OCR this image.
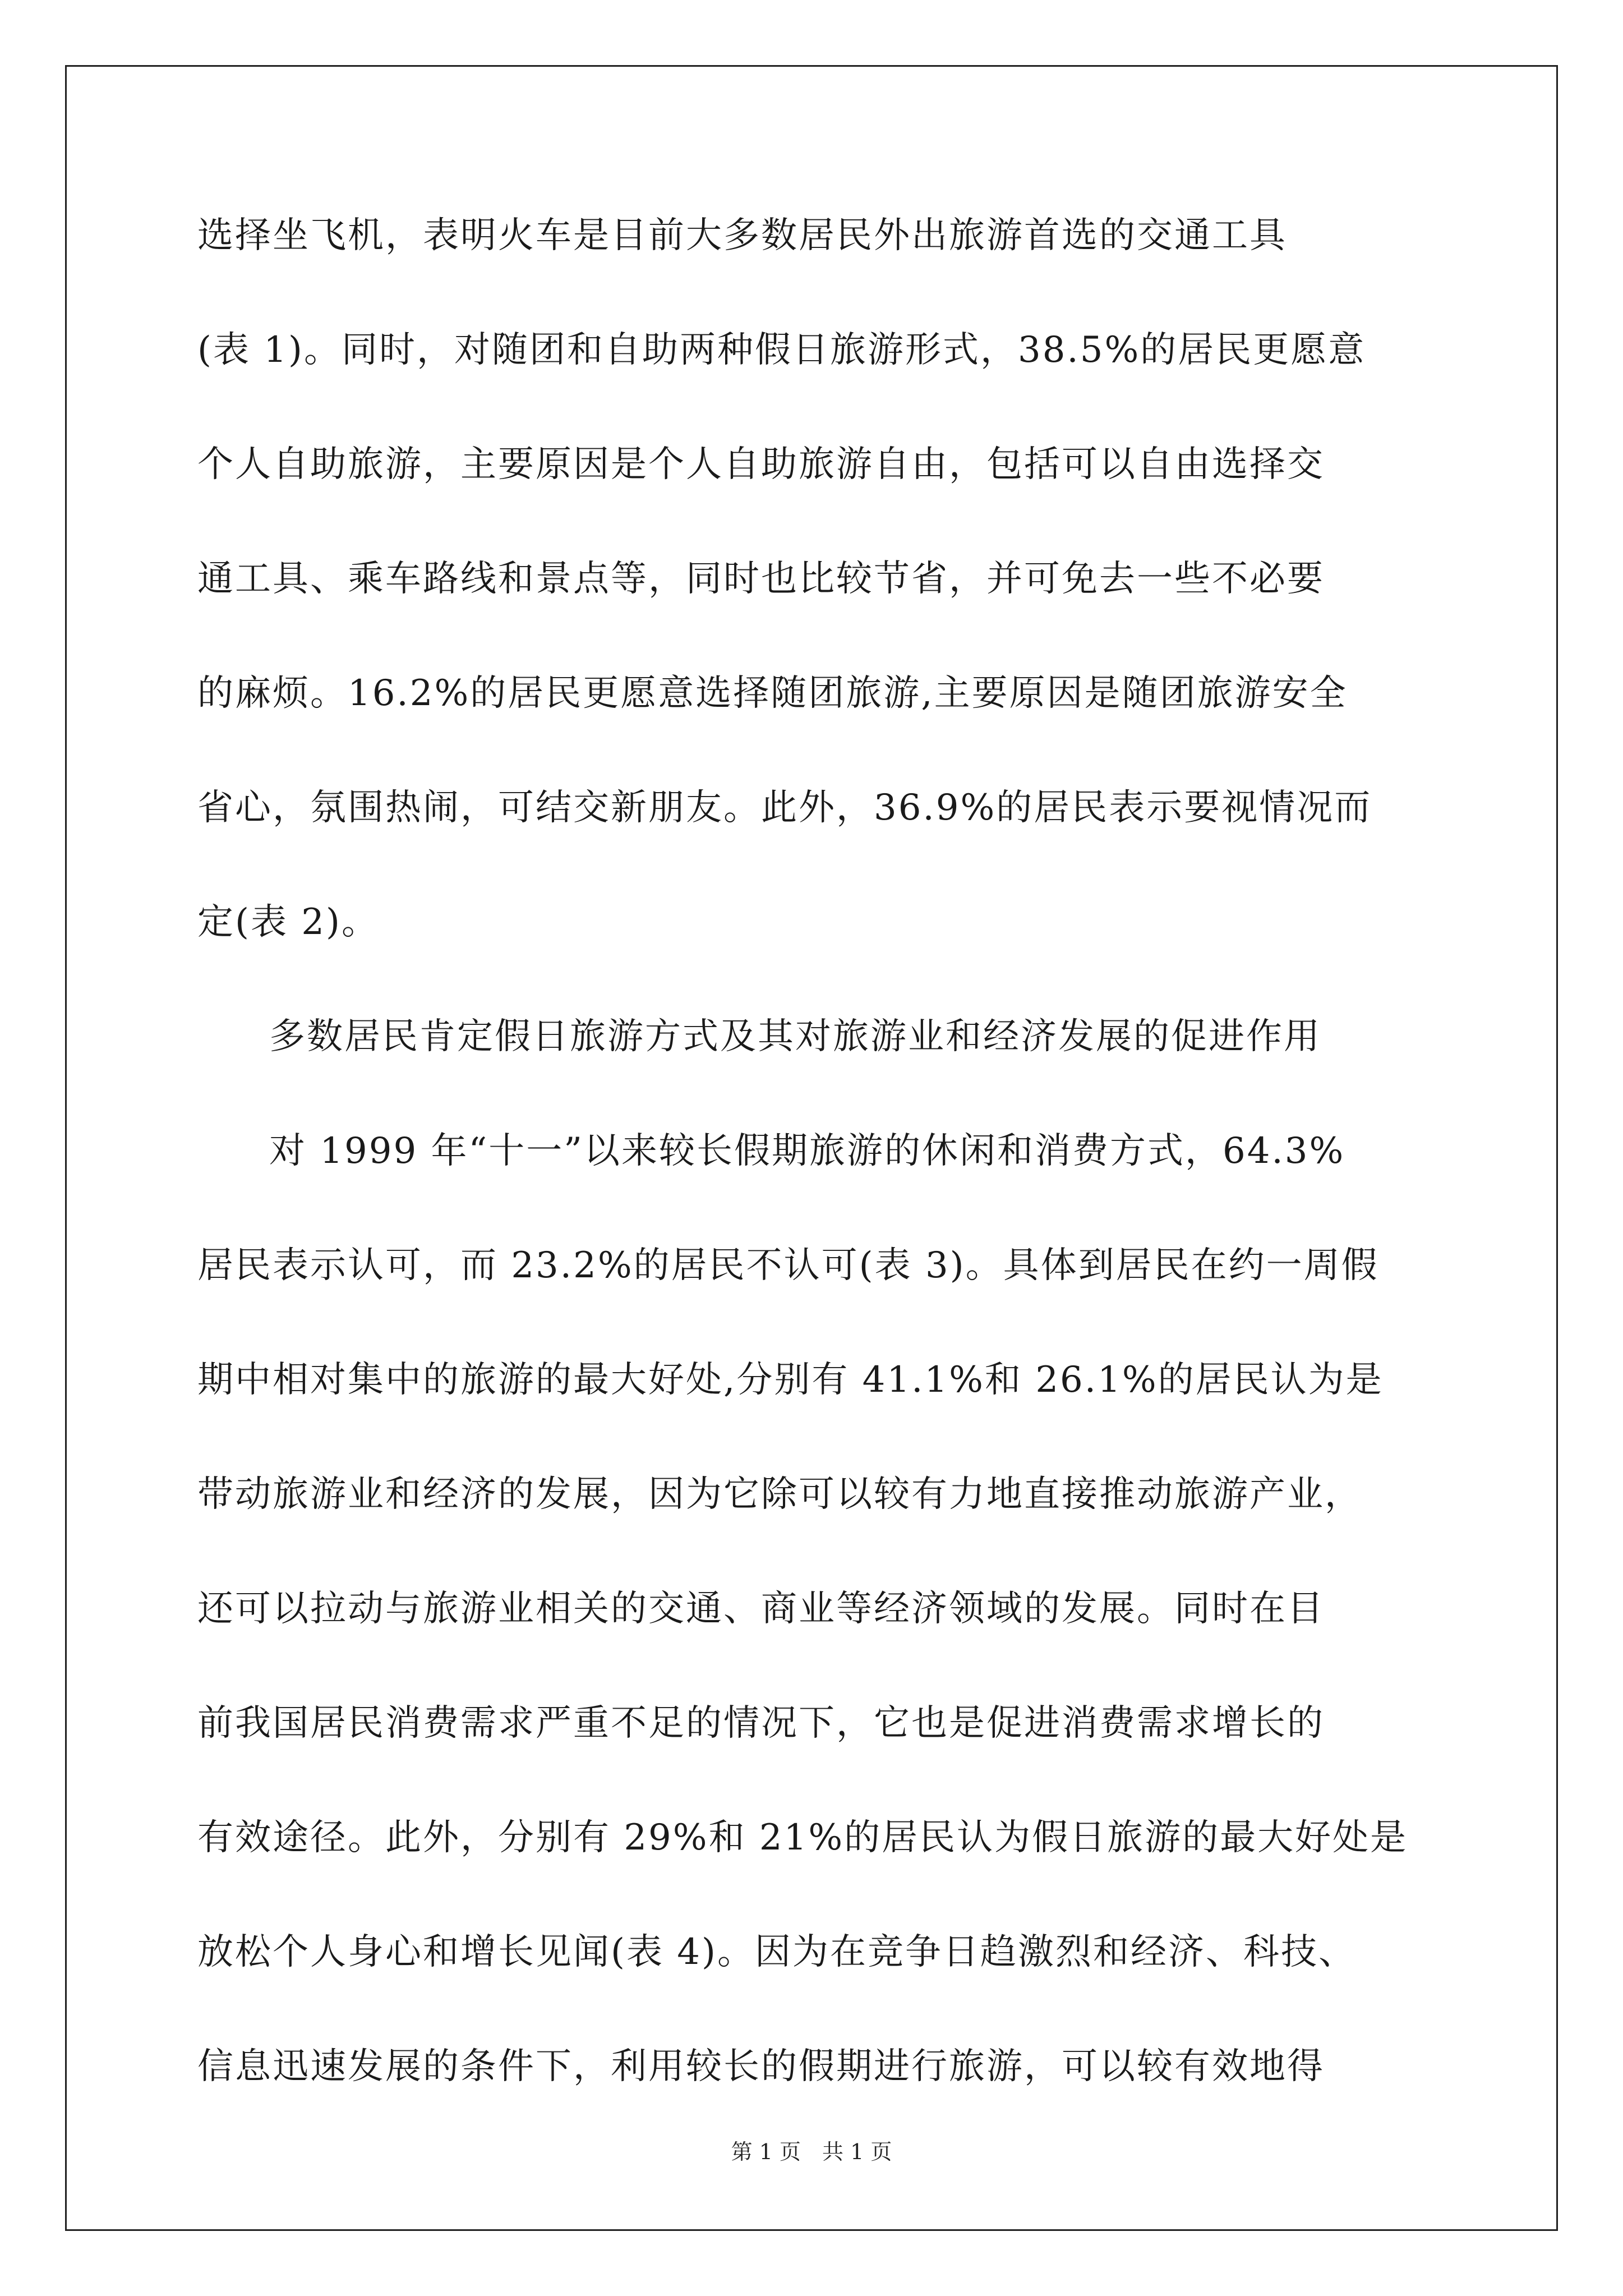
选择坐飞机，表明火车是目前大多数居民外出旅游首选的交通工具
(表 1)。同时，对随团和自助两种假日旅游形式，38.5%的居民更愿意
个人自助旅游，主要原因是个人自助旅游自由，包括可以自由选择交
通工具、乘车路线和景点等，同时也比较节省，并可免去一些不必要
的麻烦。16.2%的居民更愿意选择随团旅游,主要原因是随团旅游安全
省心，氛围热闹，可结交新朋友。此外，36.9%的居民表示要视情况而
定(表 2)。
多数居民肯定假日旅游方式及其对旅游业和经济发展的促进作用
对 1999 年“十一”以来较长假期旅游的休闲和消费方式，64.3%
居民表示认可，而 23.2%的居民不认可(表 3)。具体到居民在约一周假
期中相对集中的旅游的最大好处,分别有 41.1%和 26.1%的居民认为是
带动旅游业和经济的发展，因为它除可以较有力地直接推动旅游产业，
还可以拉动与旅游业相关的交通、商业等经济领域的发展。同时在目
前我国居民消费需求严重不足的情况下，它也是促进消费需求增长的
有效途径。此外，分别有 29%和 21%的居民认为假日旅游的最大好处是
放松个人身心和增长见闻(表 4)。因为在竞争日趋激烈和经济、科技、
信息迅速发展的条件下，利用较长的假期进行旅游，可以较有效地得
第 1 页　共 1 页
